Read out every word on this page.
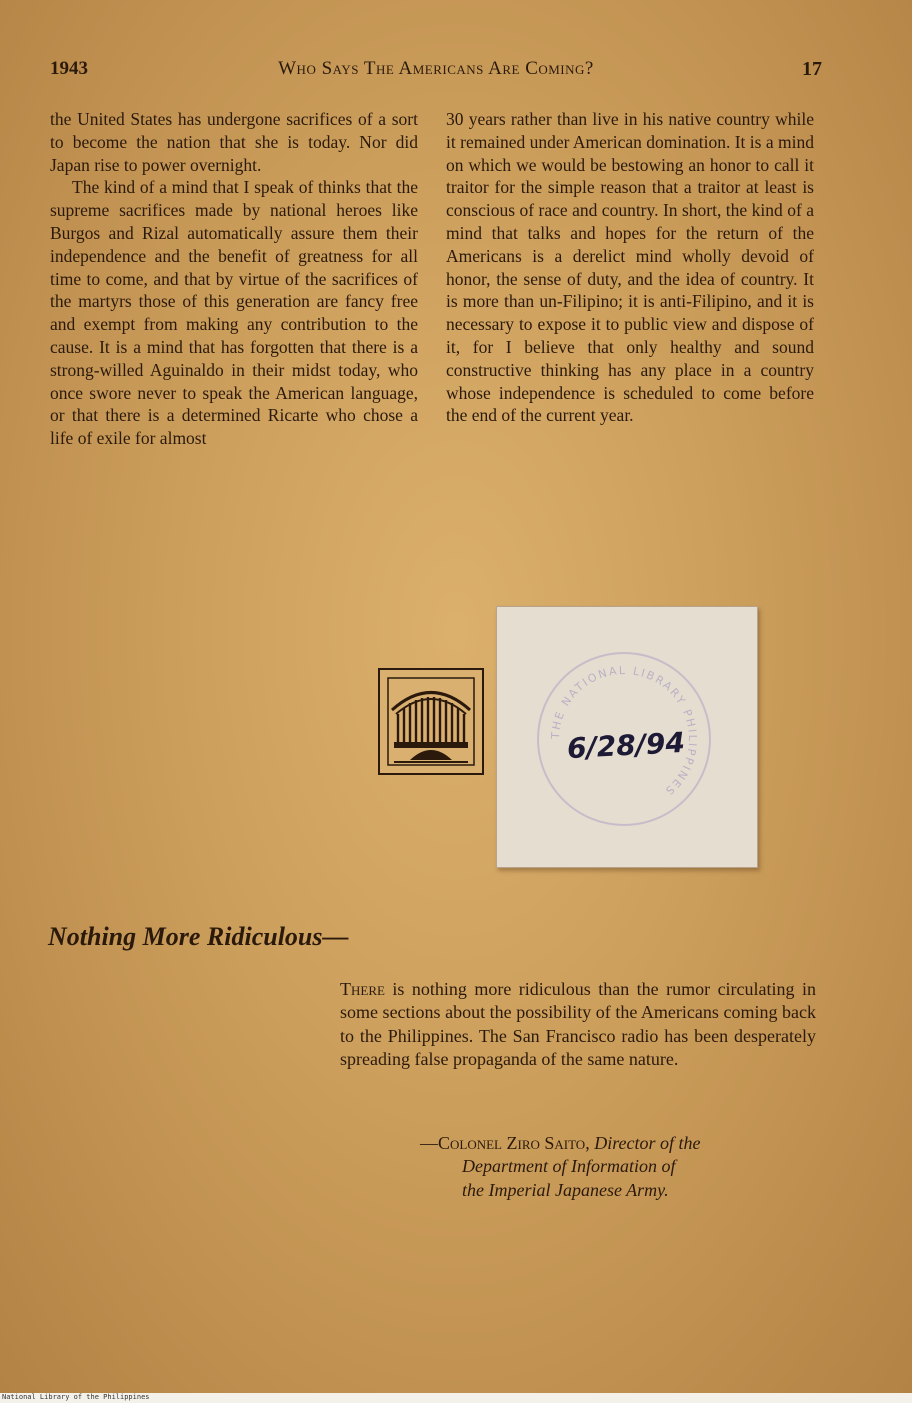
1943	Who Says The Americans Are Coming?	17

the United States has undergone sacrifices of a sort to become the nation that she is today. Nor did Japan rise to power overnight.

The kind of a mind that I speak of thinks that the supreme sacrifices made by national heroes like Burgos and Rizal automatically assure them their independence and the benefit of greatness for all time to come, and that by virtue of the sacrifices of the martyrs those of this generation are fancy free and exempt from making any contribution to the cause. It is a mind that has forgotten that there is a strong-willed Aguinaldo in their midst today, who once swore never to speak the American language, or that there is a determined Ricarte who chose a life of exile for almost

30 years rather than live in his native country while it remained under American domination. It is a mind on which we would be bestowing an honor to call it traitor for the simple reason that a traitor at least is conscious of race and country. In short, the kind of a mind that talks and hopes for the return of the Americans is a derelict mind wholly devoid of honor, the sense of duty, and the idea of country. It is more than un-Filipino; it is anti-Filipino, and it is necessary to expose it to public view and dispose of it, for I believe that only healthy and sound constructive thinking has any place in a country whose independence is scheduled to come before the end of the current year.

THE NATIONAL LIBRARY PHILIPPINES
6/28/94
Nothing More Ridiculous—

There is nothing more ridiculous than the rumor circulating in some sections about the possibility of the Americans coming back to the Philippines. The San Francisco radio has been desperately spreading false propaganda of the same nature.

—Colonel Ziro Saito, Director of the
Department of Information of
the Imperial Japanese Army.
National Library of the Philippines
